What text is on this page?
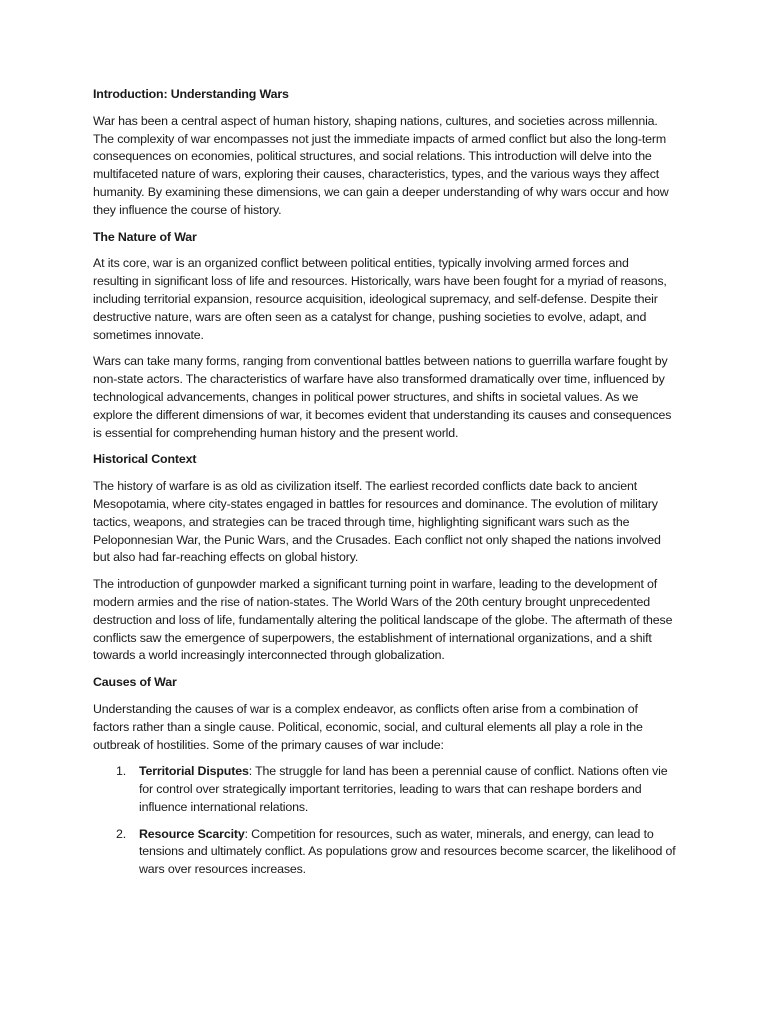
Introduction: Understanding Wars

War has been a central aspect of human history, shaping nations, cultures, and societies across millennia. The complexity of war encompasses not just the immediate impacts of armed conflict but also the long-term consequences on economies, political structures, and social relations. This introduction will delve into the multifaceted nature of wars, exploring their causes, characteristics, types, and the various ways they affect humanity. By examining these dimensions, we can gain a deeper understanding of why wars occur and how they influence the course of history.

The Nature of War

At its core, war is an organized conflict between political entities, typically involving armed forces and resulting in significant loss of life and resources. Historically, wars have been fought for a myriad of reasons, including territorial expansion, resource acquisition, ideological supremacy, and self-defense. Despite their destructive nature, wars are often seen as a catalyst for change, pushing societies to evolve, adapt, and sometimes innovate.

Wars can take many forms, ranging from conventional battles between nations to guerrilla warfare fought by non-state actors. The characteristics of warfare have also transformed dramatically over time, influenced by technological advancements, changes in political power structures, and shifts in societal values. As we explore the different dimensions of war, it becomes evident that understanding its causes and consequences is essential for comprehending human history and the present world.

Historical Context

The history of warfare is as old as civilization itself. The earliest recorded conflicts date back to ancient Mesopotamia, where city-states engaged in battles for resources and dominance. The evolution of military tactics, weapons, and strategies can be traced through time, highlighting significant wars such as the Peloponnesian War, the Punic Wars, and the Crusades. Each conflict not only shaped the nations involved but also had far-reaching effects on global history.

The introduction of gunpowder marked a significant turning point in warfare, leading to the development of modern armies and the rise of nation-states. The World Wars of the 20th century brought unprecedented destruction and loss of life, fundamentally altering the political landscape of the globe. The aftermath of these conflicts saw the emergence of superpowers, the establishment of international organizations, and a shift towards a world increasingly interconnected through globalization.

Causes of War

Understanding the causes of war is a complex endeavor, as conflicts often arise from a combination of factors rather than a single cause. Political, economic, social, and cultural elements all play a role in the outbreak of hostilities. Some of the primary causes of war include:

1. Territorial Disputes: The struggle for land has been a perennial cause of conflict. Nations often vie for control over strategically important territories, leading to wars that can reshape borders and influence international relations.
2. Resource Scarcity: Competition for resources, such as water, minerals, and energy, can lead to tensions and ultimately conflict. As populations grow and resources become scarcer, the likelihood of wars over resources increases.
